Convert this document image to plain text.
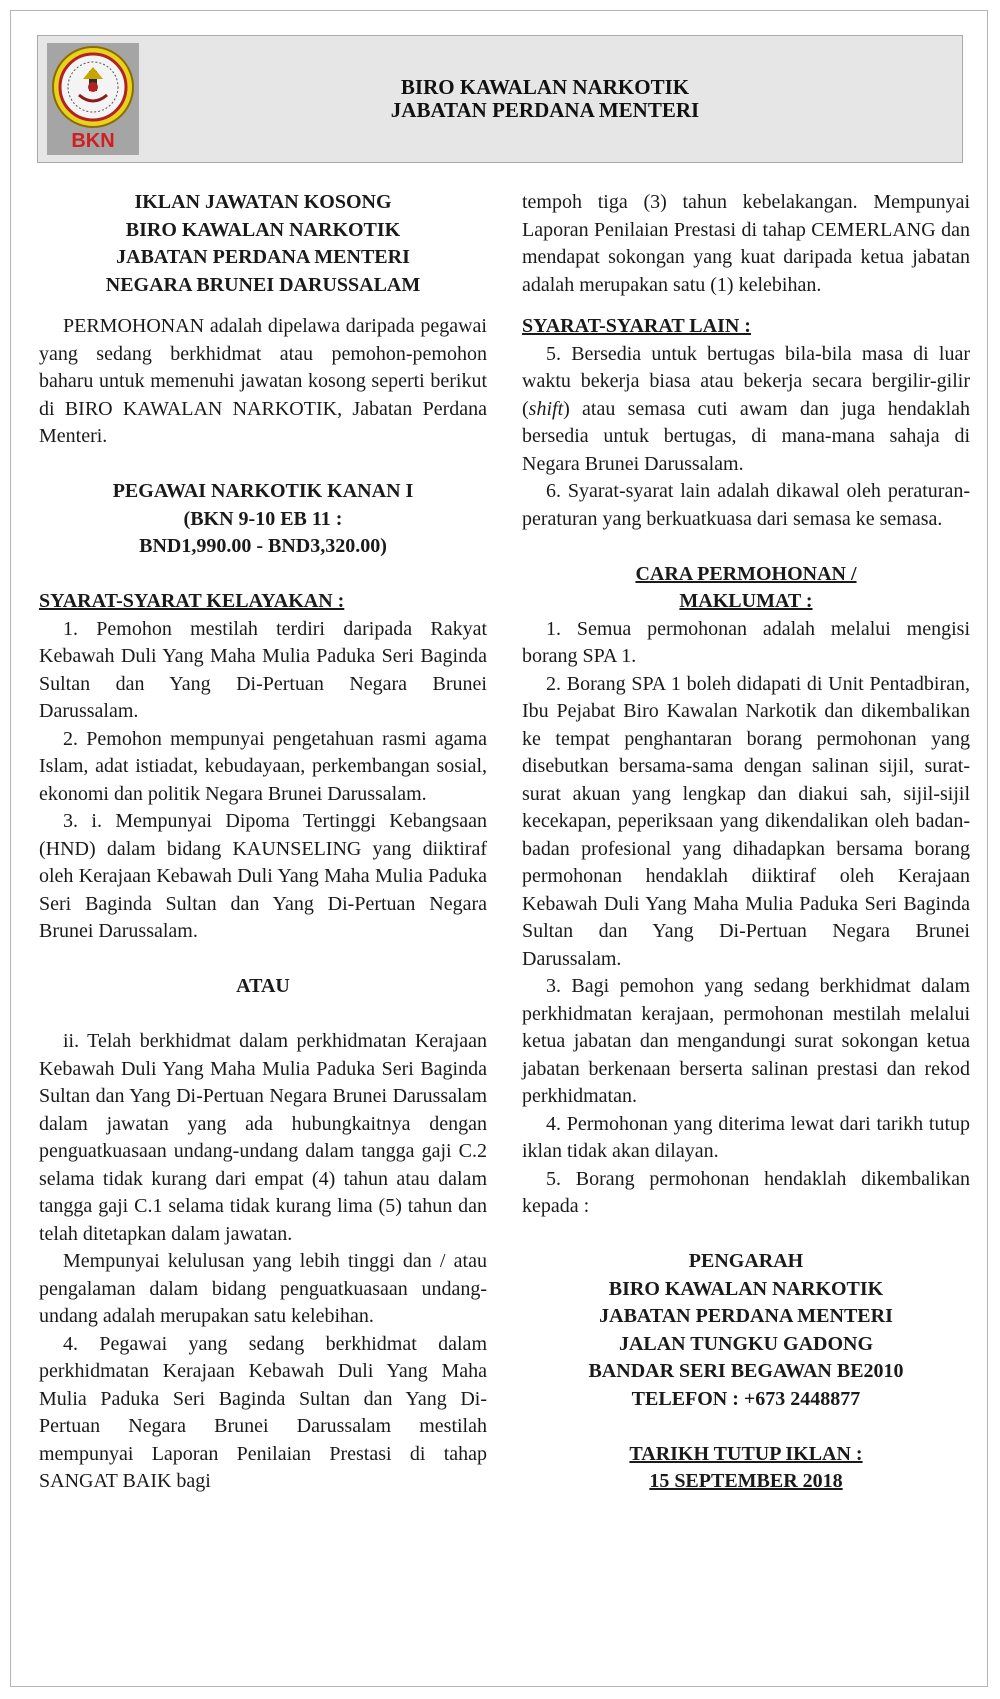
BKN
BIRO KAWALAN NARKOTIK
JABATAN PERDANA MENTERI
IKLAN JAWATAN KOSONG
BIRO KAWALAN NARKOTIK
JABATAN PERDANA MENTERI
NEGARA BRUNEI DARUSSALAM

PERMOHONAN adalah dipelawa daripada pegawai yang sedang berkhidmat atau pemohon-pemohon baharu untuk memenuhi jawatan kosong seperti berikut di BIRO KAWALAN NARKOTIK, Jabatan Perdana Menteri.

PEGAWAI NARKOTIK KANAN I
(BKN 9-10 EB 11 :
BND1,990.00 - BND3,320.00)
SYARAT-SYARAT KELAYAKAN :

1. Pemohon mestilah terdiri daripada Rakyat Kebawah Duli Yang Maha Mulia Paduka Seri Baginda Sultan dan Yang Di-Pertuan Negara Brunei Darussalam.

2. Pemohon mempunyai pengetahuan rasmi agama Islam, adat istiadat, kebudayaan, perkembangan sosial, ekonomi dan politik Negara Brunei Darussalam.

3. i. Mempunyai Dipoma Tertinggi Kebangsaan (HND) dalam bidang KAUNSELING yang diiktiraf oleh Kerajaan Kebawah Duli Yang Maha Mulia Paduka Seri Baginda Sultan dan Yang Di-Pertuan Negara Brunei Darussalam.

ATAU

ii. Telah berkhidmat dalam perkhidmatan Kerajaan Kebawah Duli Yang Maha Mulia Paduka Seri Baginda Sultan dan Yang Di-Pertuan Negara Brunei Darussalam dalam jawatan yang ada hubungkaitnya dengan penguatkuasaan undang-undang dalam tangga gaji C.2 selama tidak kurang dari empat (4) tahun atau dalam tangga gaji C.1 selama tidak kurang lima (5) tahun dan telah ditetapkan dalam jawatan.

Mempunyai kelulusan yang lebih tinggi dan / atau pengalaman dalam bidang penguatkuasaan undang-undang adalah merupakan satu kelebihan.

4. Pegawai yang sedang berkhidmat dalam perkhidmatan Kerajaan Kebawah Duli Yang Maha Mulia Paduka Seri Baginda Sultan dan Yang Di-Pertuan Negara Brunei Darussalam mestilah mempunyai Laporan Penilaian Prestasi di tahap SANGAT BAIK bagi

tempoh tiga (3) tahun kebelakangan. Mempunyai Laporan Penilaian Prestasi di tahap CEMERLANG dan mendapat sokongan yang kuat daripada ketua jabatan adalah merupakan satu (1) kelebihan.

SYARAT-SYARAT LAIN :

5. Bersedia untuk bertugas bila-bila masa di luar waktu bekerja biasa atau bekerja secara bergilir-gilir (shift) atau semasa cuti awam dan juga hendaklah bersedia untuk bertugas, di mana-mana sahaja di Negara Brunei Darussalam.

6. Syarat-syarat lain adalah dikawal oleh peraturan- peraturan yang berkuatkuasa dari semasa ke semasa.

CARA PERMOHONAN /
MAKLUMAT :

1. Semua permohonan adalah melalui mengisi borang SPA 1.

2. Borang SPA 1 boleh didapati di Unit Pentadbiran, Ibu Pejabat Biro Kawalan Narkotik dan dikembalikan ke tempat penghantaran borang permohonan yang disebutkan bersama-sama dengan salinan sijil, surat-surat akuan yang lengkap dan diakui sah, sijil-sijil kecekapan, peperiksaan yang dikendalikan oleh badan- badan profesional yang dihadapkan bersama borang permohonan hendaklah diiktiraf oleh Kerajaan Kebawah Duli Yang Maha Mulia Paduka Seri Baginda Sultan dan Yang Di-Pertuan Negara Brunei Darussalam.

3. Bagi pemohon yang sedang berkhidmat dalam perkhidmatan kerajaan, permohonan mestilah melalui ketua jabatan dan mengandungi surat sokongan ketua jabatan berkenaan berserta salinan prestasi dan rekod perkhidmatan.

4. Permohonan yang diterima lewat dari tarikh tutup iklan tidak akan dilayan.

5. Borang permohonan hendaklah dikembalikan kepada :

PENGARAH
BIRO KAWALAN NARKOTIK
JABATAN PERDANA MENTERI
JALAN TUNGKU GADONG
BANDAR SERI BEGAWAN BE2010
TELEFON : +673 2448877
TARIKH TUTUP IKLAN :
15 SEPTEMBER 2018
